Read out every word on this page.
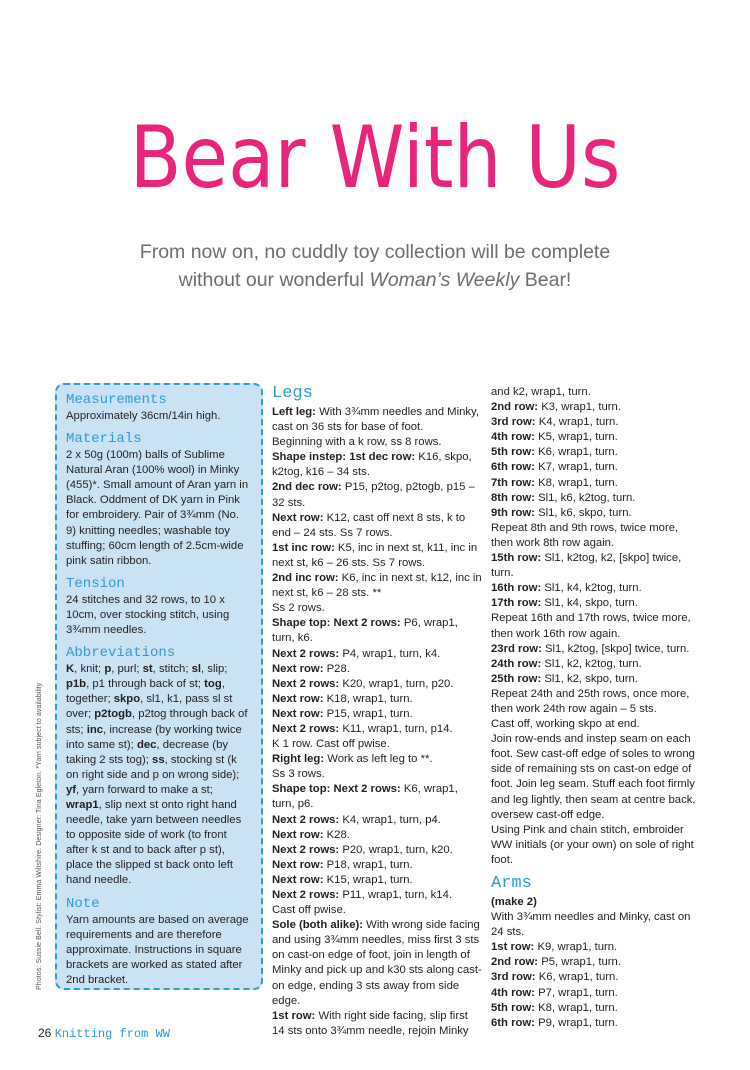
Bear With Us
From now on, no cuddly toy collection will be complete
without our wonderful Woman’s Weekly Bear!

Measurements

Approximately 36cm/14in high.

Materials

2 x 50g (100m) balls of Sublime Natural Aran (100% wool) in Minky (455)*. Small amount of Aran yarn in Black. Oddment of DK yarn in Pink for embroidery. Pair of 3¾mm (No. 9) knitting needles; washable toy stuffing; 60cm length of 2.5cm-wide pink satin ribbon.

Tension

24 stitches and 32 rows, to 10 x 10cm, over stocking stitch, using 3¾mm needles.

Abbreviations

K, knit; p, purl; st, stitch; sl, slip; p1b, p1 through back of st; tog, together; skpo, sl1, k1, pass sl st over; p2togb, p2tog through back of sts; inc, increase (by working twice into same st); dec, decrease (by taking 2 sts tog); ss, stocking st (k on right side and p on wrong side); yf, yarn forward to make a st; wrap1, slip next st onto right hand needle, take yarn between needles to opposite side of work (to front after k st and to back after p st), place the slipped st back onto left hand needle.

Note

Yarn amounts are based on average requirements and are therefore approximate. Instructions in square brackets are worked as stated after 2nd bracket.

Photos: Sussie Bell. Stylist: Emma Wiltshire. Designer: Tina Egleton. *Yarn subject to availability

Legs

Left leg: With 3¾mm needles and Minky, cast on 36 sts for base of foot.

Beginning with a k row, ss 8 rows.

Shape instep: 1st dec row: K16, skpo, k2tog, k16 – 34 sts.

2nd dec row: P15, p2tog, p2togb, p15 – 32 sts.

Next row: K12, cast off next 8 sts, k to end – 24 sts. Ss 7 rows.

1st inc row: K5, inc in next st, k11, inc in next st, k6 – 26 sts. Ss 7 rows.

2nd inc row: K6, inc in next st, k12, inc in next st, k6 – 28 sts. **

Ss 2 rows.

Shape top: Next 2 rows: P6, wrap1, turn, k6.

Next 2 rows: P4, wrap1, turn, k4.

Next row: P28.

Next 2 rows: K20, wrap1, turn, p20.

Next row: K18, wrap1, turn.

Next row: P15, wrap1, turn.

Next 2 rows: K11, wrap1, turn, p14.

K 1 row. Cast off pwise.

Right leg: Work as left leg to **.

Ss 3 rows.

Shape top: Next 2 rows: K6, wrap1, turn, p6.

Next 2 rows: K4, wrap1, turn, p4.

Next row: K28.

Next 2 rows: P20, wrap1, turn, k20.

Next row: P18, wrap1, turn.

Next row: K15, wrap1, turn.

Next 2 rows: P11, wrap1, turn, k14.

Cast off pwise.

Sole (both alike): With wrong side facing and using 3¾mm needles, miss first 3 sts on cast-on edge of foot, join in length of Minky and pick up and k30 sts along cast-on edge, ending 3 sts away from side edge.

1st row: With right side facing, slip first 14 sts onto 3¾mm needle, rejoin Minky

and k2, wrap1, turn.

2nd row: K3, wrap1, turn.

3rd row: K4, wrap1, turn.

4th row: K5, wrap1, turn.

5th row: K6, wrap1, turn.

6th row: K7, wrap1, turn.

7th row: K8, wrap1, turn.

8th row: Sl1, k6, k2tog, turn.

9th row: Sl1, k6, skpo, turn.

Repeat 8th and 9th rows, twice more, then work 8th row again.

15th row: Sl1, k2tog, k2, [skpo] twice, turn.

16th row: Sl1, k4, k2tog, turn.

17th row: Sl1, k4, skpo, turn.

Repeat 16th and 17th rows, twice more, then work 16th row again.

23rd row: Sl1, k2tog, [skpo] twice, turn.

24th row: Sl1, k2, k2tog, turn.

25th row: Sl1, k2, skpo, turn.

Repeat 24th and 25th rows, once more, then work 24th row again – 5 sts.

Cast off, working skpo at end.

Join row-ends and instep seam on each foot. Sew cast-off edge of soles to wrong side of remaining sts on cast-on edge of foot. Join leg seam. Stuff each foot firmly and leg lightly, then seam at centre back, oversew cast-off edge.

Using Pink and chain stitch, embroider WW initials (or your own) on sole of right foot.

Arms

(make 2)

With 3¾mm needles and Minky, cast on 24 sts.

1st row: K9, wrap1, turn.

2nd row: P5, wrap1, turn.

3rd row: K6, wrap1, turn.

4th row: P7, wrap1, turn.

5th row: K8, wrap1, turn.

6th row: P9, wrap1, turn.

26 Knitting from WW
